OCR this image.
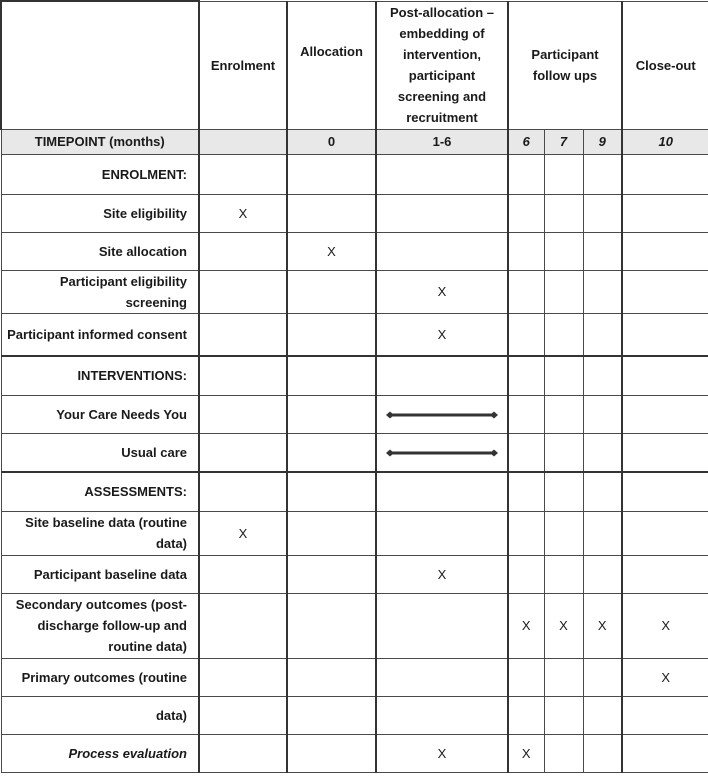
	Enrolment	Allocation	Post-allocation – embedding of intervention, participant screening and recruitment	Participant follow ups			Close-out
TIMEPOINT (months)		0	1-6	6	7	9	10
ENROLMENT:							
Site eligibility	X						
Site allocation		X					
Participant eligibility screening			X				
Participant informed consent			X				
INTERVENTIONS:							
Your Care Needs You			

Usual care			

ASSESSMENTS:							
Site baseline data (routine data)	X						
Participant baseline data			X				
Secondary outcomes (post-discharge follow-up and routine data)				X	X	X	X
Primary outcomes (routine							X
data)							
Process evaluation			X	X			
